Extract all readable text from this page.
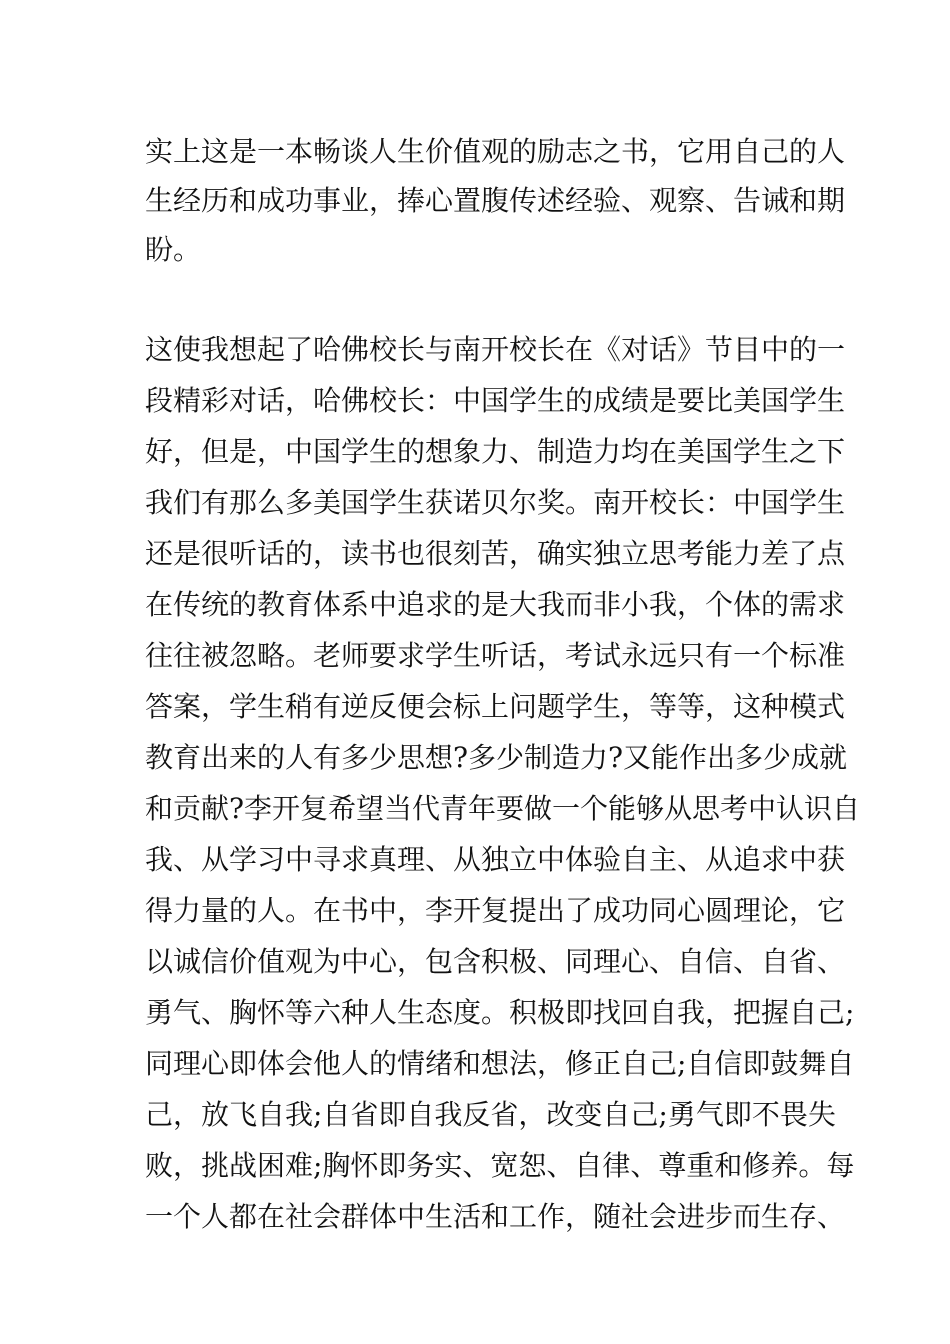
实上这是一本畅谈人生价值观的励志之书，它用自己的人
生经历和成功事业，捧心置腹传述经验、观察、告诫和期
盼。
这使我想起了哈佛校长与南开校长在《对话》节目中的一
段精彩对话，哈佛校长：中国学生的成绩是要比美国学生
好，但是，中国学生的想象力、制造力均在美国学生之下
我们有那么多美国学生获诺贝尔奖。南开校长：中国学生
还是很听话的，读书也很刻苦，确实独立思考能力差了点
在传统的教育体系中追求的是大我而非小我，个体的需求
往往被忽略。老师要求学生听话，考试永远只有一个标准
答案，学生稍有逆反便会标上问题学生，等等，这种模式
教育出来的人有多少思想?多少制造力?又能作出多少成就
和贡献?李开复希望当代青年要做一个能够从思考中认识自
我、从学习中寻求真理、从独立中体验自主、从追求中获
得力量的人。在书中，李开复提出了成功同心圆理论，它
以诚信价值观为中心，包含积极、同理心、自信、自省、
勇气、胸怀等六种人生态度。积极即找回自我，把握自己;
同理心即体会他人的情绪和想法，修正自己;自信即鼓舞自
己，放飞自我;自省即自我反省，改变自己;勇气即不畏失
败，挑战困难;胸怀即务实、宽恕、自律、尊重和修养。每
一个人都在社会群体中生活和工作，随社会进步而生存、
